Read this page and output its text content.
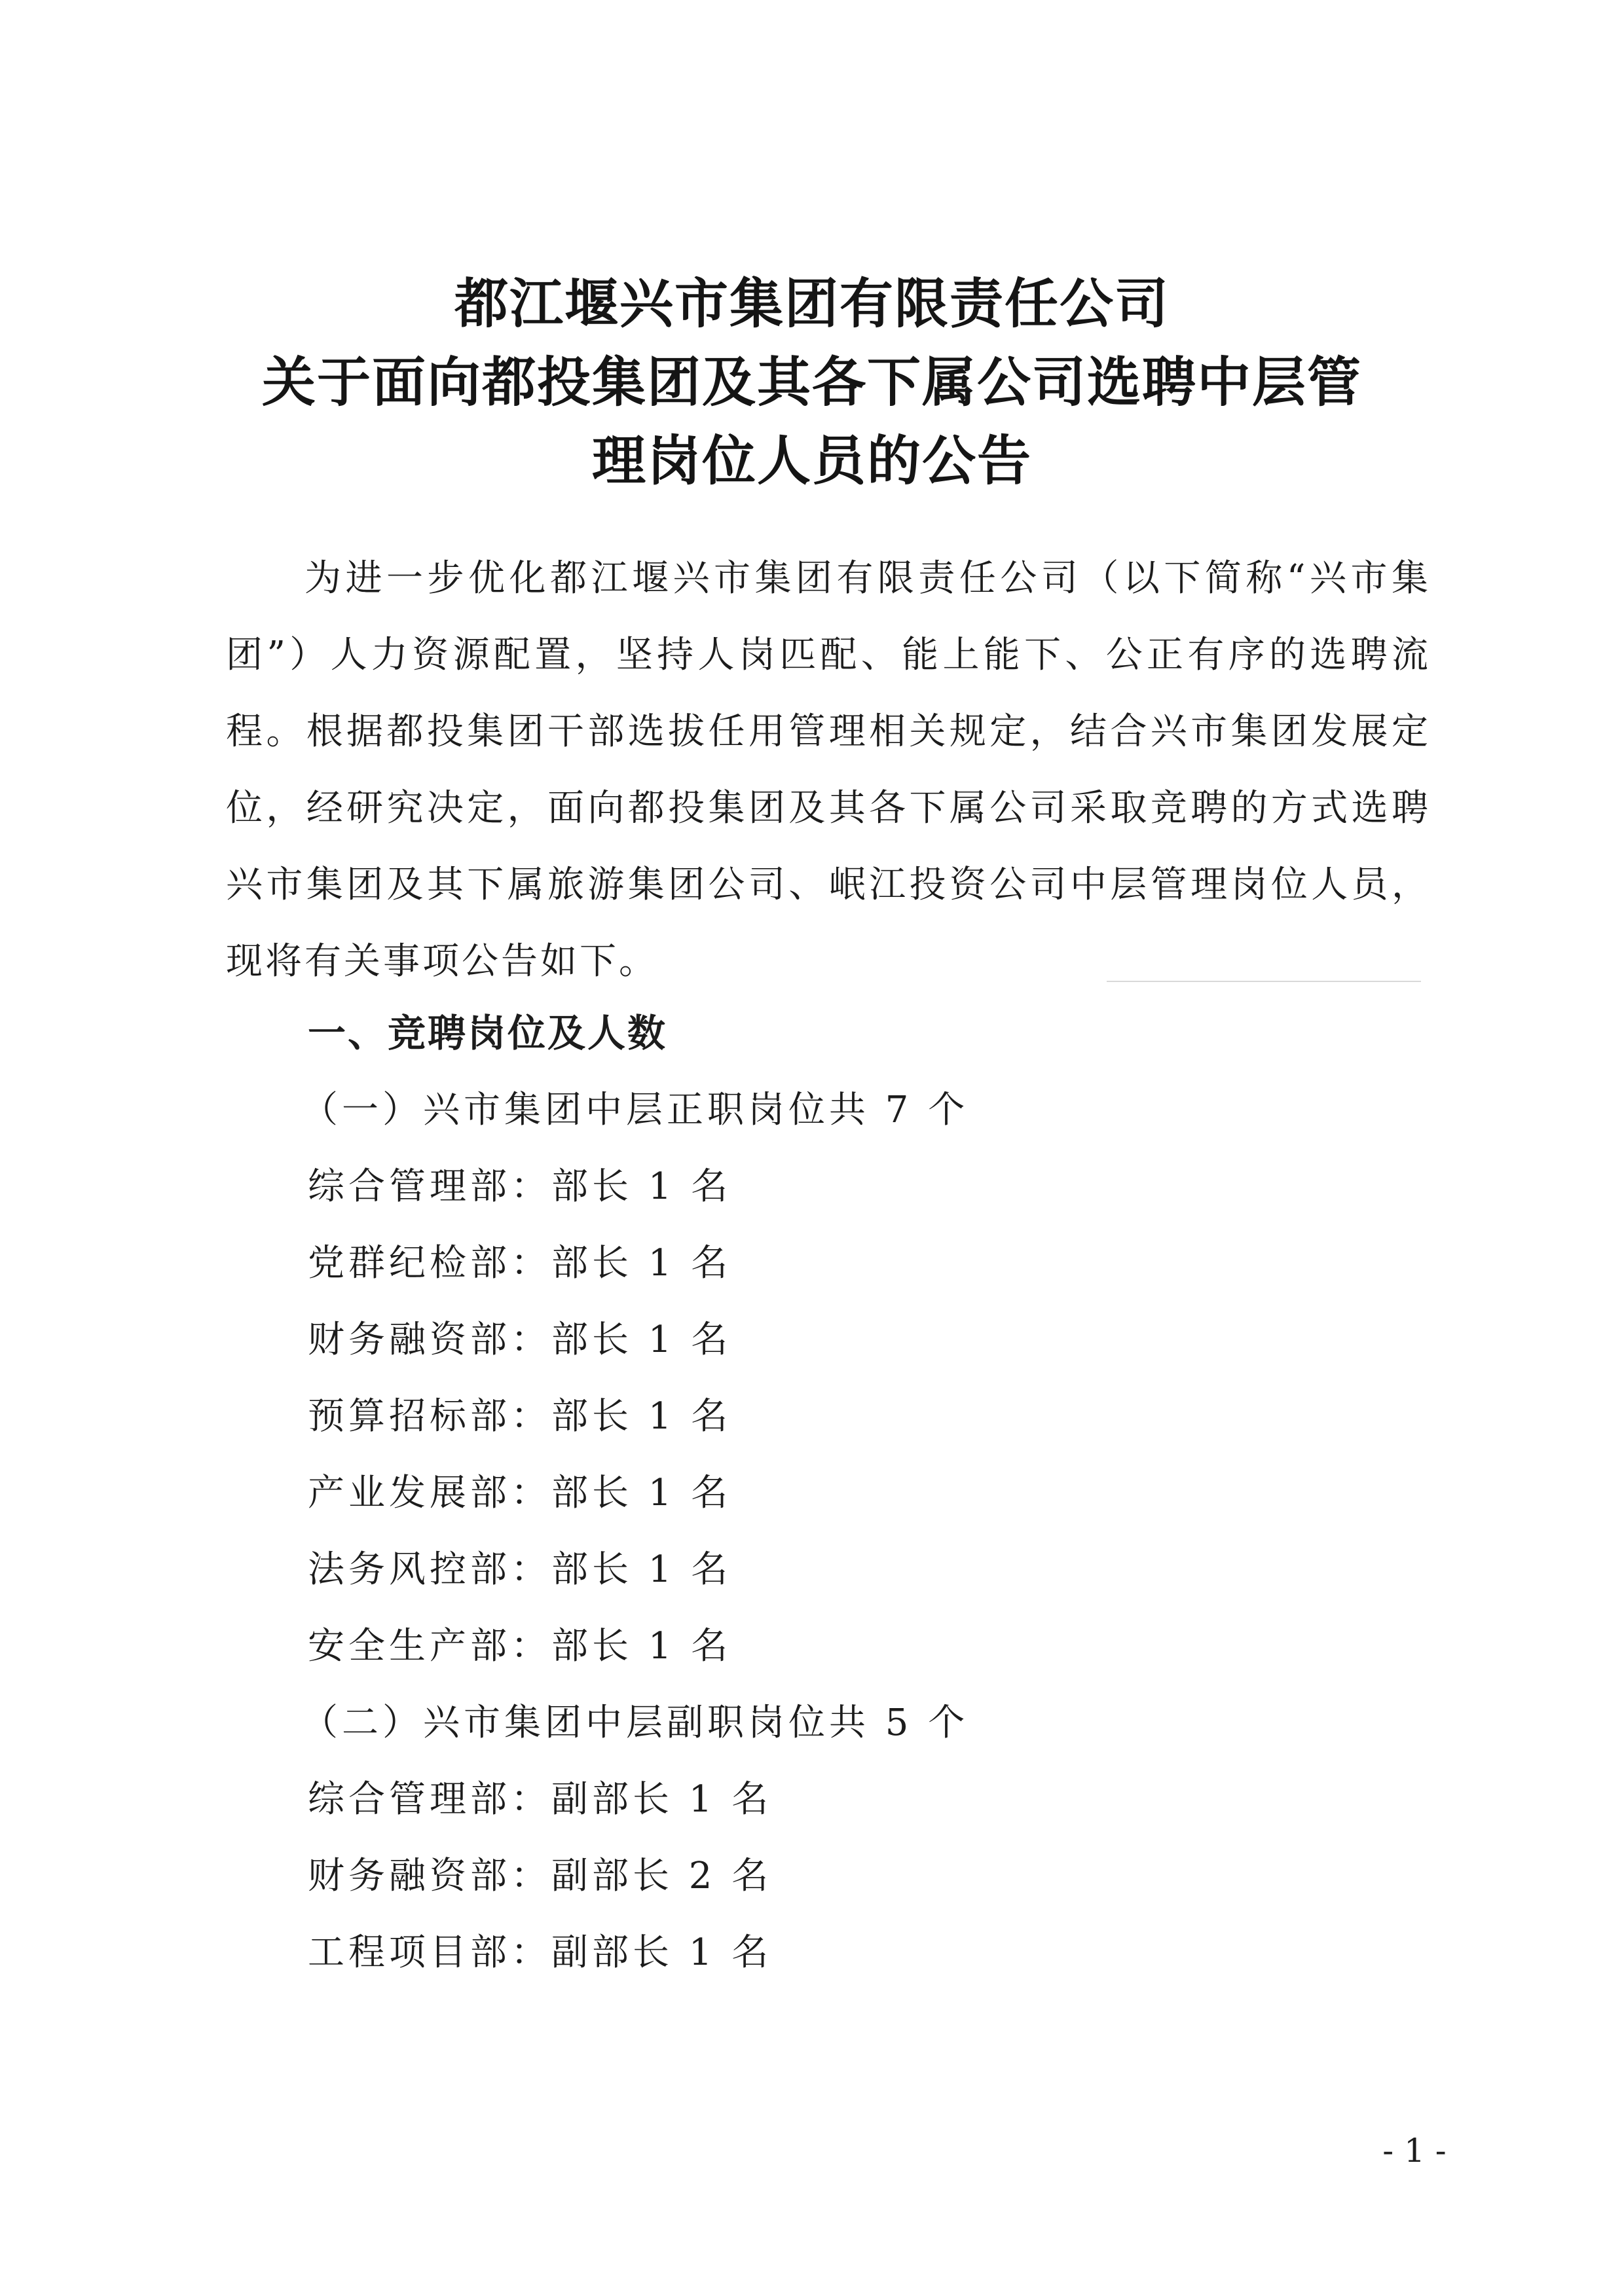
都江堰兴市集团有限责任公司
关于面向都投集团及其各下属公司选聘中层管
理岗位人员的公告
为进一步优化都江堰兴市集团有限责任公司（以下简称“兴市集团”）人力资源配置，坚持人岗匹配、能上能下、公正有序的选聘流程。根据都投集团干部选拔任用管理相关规定，结合兴市集团发展定位，经研究决定，面向都投集团及其各下属公司采取竞聘的方式选聘兴市集团及其下属旅游集团公司、岷江投资公司中层管理岗位人员，现将有关事项公告如下。
一、竞聘岗位及人数
（一）兴市集团中层正职岗位共 7 个
综合管理部：部长 1 名
党群纪检部：部长 1 名
财务融资部：部长 1 名
预算招标部：部长 1 名
产业发展部：部长 1 名
法务风控部：部长 1 名
安全生产部：部长 1 名
（二）兴市集团中层副职岗位共 5 个
综合管理部：副部长 1 名
财务融资部：副部长 2 名
工程项目部：副部长 1 名
- 1 -
